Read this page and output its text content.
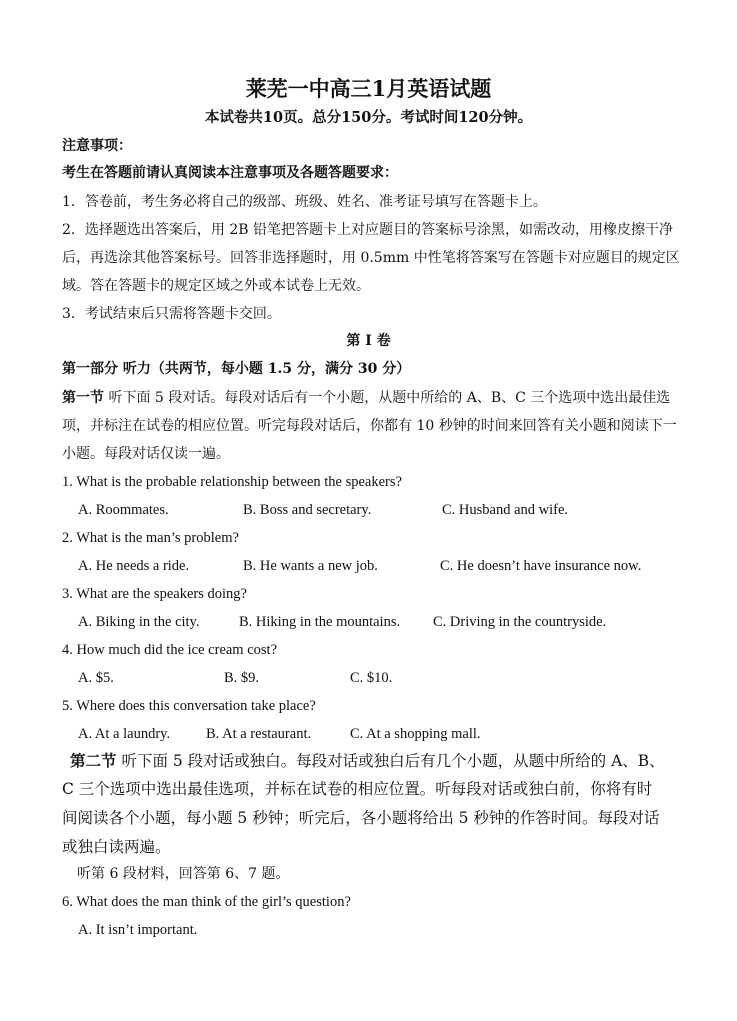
莱芜一中高三1月英语试题
本试卷共10页。总分150分。考试时间120分钟。
注意事项：
考生在答题前请认真阅读本注意事项及各题答题要求：
1．答卷前，考生务必将自己的级部、班级、姓名、准考证号填写在答题卡上。
2．选择题选出答案后，用 2B 铅笔把答题卡上对应题目的答案标号涂黑，如需改动，用橡皮擦干净
后，再选涂其他答案标号。回答非选择题时，用 0.5mm 中性笔将答案写在答题卡对应题目的规定区
域。答在答题卡的规定区域之外或本试卷上无效。
3．考试结束后只需将答题卡交回。
第 I 卷
第一部分 听力（共两节，每小题 1.5 分，满分 30 分）
第一节 听下面 5 段对话。每段对话后有一个小题，从题中所给的 A、B、C 三个选项中选出最佳选
项，并标注在试卷的相应位置。听完每段对话后，你都有 10 秒钟的时间来回答有关小题和阅读下一
小题。每段对话仅读一遍。
1. What is the probable relationship between the speakers?
A. Roommates.	B. Boss and secretary.	C. Husband and wife.
2. What is the man’s problem?
A. He needs a ride.	B. He wants a new job.	C. He doesn’t have insurance now.
3. What are the speakers doing?
A. Biking in the city.	B. Hiking in the mountains. C. Driving in the countryside.
4. How much did the ice cream cost?
A. $5.	B. $9.	C. $10.
5. Where does this conversation take place?
A. At a laundry. B. At a restaurant.	C. At a shopping mall.
第二节 听下面 5 段对话或独白。每段对话或独白后有几个小题，从题中所给的 A、B、
C 三个选项中选出最佳选项，并标在试卷的相应位置。听每段对话或独白前，你将有时
间阅读各个小题，每小题 5 秒钟；听完后，各小题将给出 5 秒钟的作答时间。每段对话
或独白读两遍。
听第 6 段材料，回答第 6、7 题。
6. What does the man think of the girl’s question?
A. It isn’t important.
